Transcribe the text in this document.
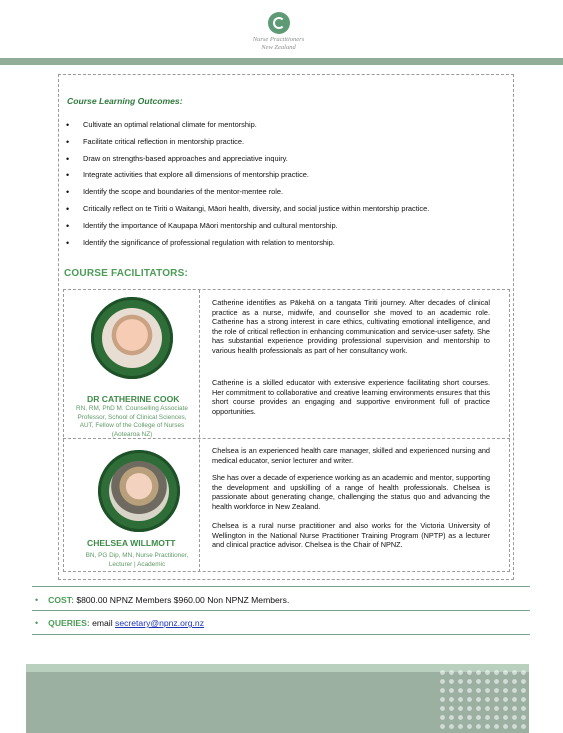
Nurse Practitioners
New Zealand
Course Learning Outcomes:
• Cultivate an optimal relational climate for mentorship.
• Facilitate critical reflection in mentorship practice.
• Draw on strengths-based approaches and appreciative inquiry.
• Integrate activities that explore all dimensions of mentorship practice.
• Identify the scope and boundaries of the mentor-mentee role.
• Critically reflect on te Tiriti o Waitangi, Māori health, diversity, and social justice within mentorship practice.
• Identify the importance of Kaupapa Māori mentorship and cultural mentorship.
• Identify the significance of professional regulation with relation to mentorship.
COURSE FACILITATORS:
DR CATHERINE COOK
RN, RM, PhD M. Counselling Associate Professor, School of Clinical Sciences, AUT, Fellow of the College of Nurses (Aotearoa NZ)

Catherine identifies as Pākehā on a tangata Tiriti journey. After decades of clinical practice as a nurse, midwife, and counsellor she moved to an academic role. Catherine has a strong interest in care ethics, cultivating emotional intelligence, and the role of critical reflection in enhancing communication and service-user safety. She has substantial experience providing professional supervision and mentorship to various health professionals as part of her consultancy work.

Catherine is a skilled educator with extensive experience facilitating short courses. Her commitment to collaborative and creative learning environments ensures that this short course provides an engaging and supportive environment full of practice opportunities.

CHELSEA WILLMOTT
BN, PG Dip, MN, Nurse Practitioner, Lecturer | Academic

Chelsea is an experienced health care manager, skilled and experienced nursing and medical educator, senior lecturer and writer.

She has over a decade of experience working as an academic and mentor, supporting the development and upskilling of a range of health professionals. Chelsea is passionate about generating change, challenging the status quo and advancing the health workforce in New Zealand.

Chelsea is a rural nurse practitioner and also works for the Victoria University of Wellington in the National Nurse Practitioner Training Program (NPTP) as a lecturer and clinical practice advisor. Chelsea is the Chair of NPNZ.

• COST: $800.00 NPNZ Members $960.00 Non NPNZ Members.
• QUERIES: email secretary@npnz.org.nz
